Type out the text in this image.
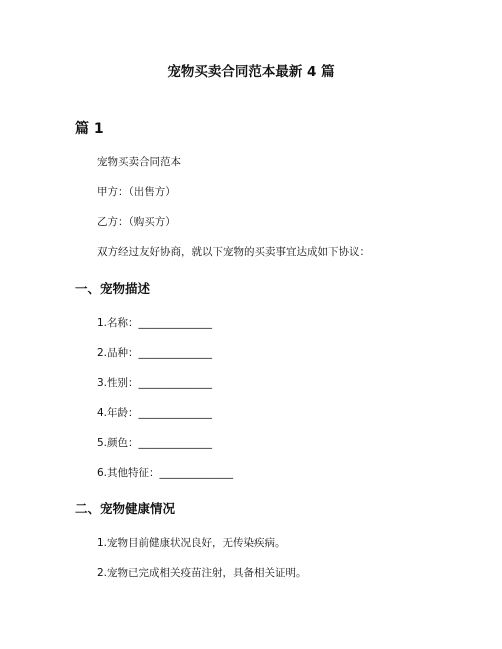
宠物买卖合同范本最新 4 篇
篇 1
宠物买卖合同范本
甲方：（出售方）
乙方：（购买方）
双方经过友好协商，就以下宠物的买卖事宜达成如下协议：
一、宠物描述
1.名称：______________
2.品种：______________
3.性别：______________
4.年龄：______________
5.颜色：______________
6.其他特征：______________
二、宠物健康情况
1.宠物目前健康状况良好，无传染疾病。
2.宠物已完成相关疫苗注射，具备相关证明。
